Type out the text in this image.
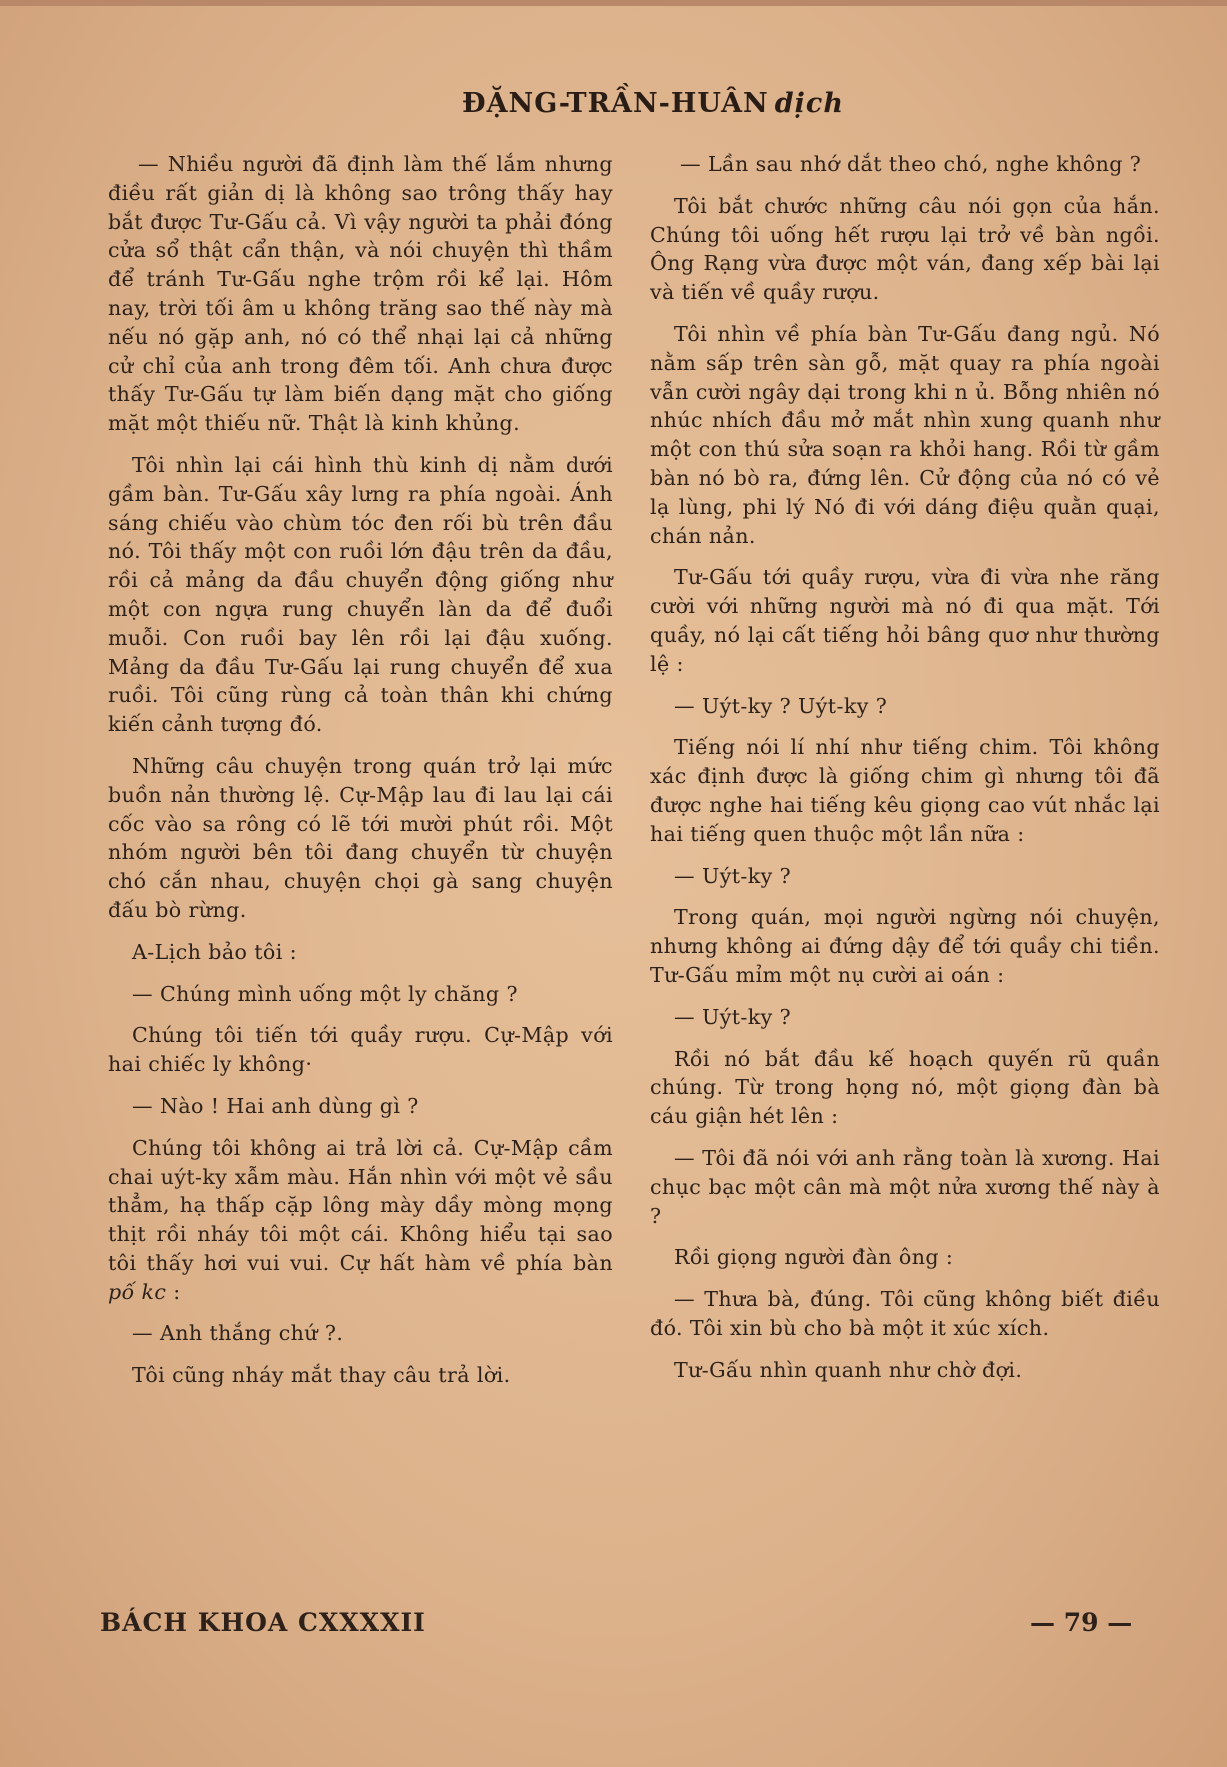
ĐẶNG-TRẦN-HUÂN dịch

— Nhiều người đã định làm thế lắm nhưng điều rất giản dị là không sao trông thấy hay bắt được Tư-Gấu cả. Vì vậy người ta phải đóng cửa sổ thật cẩn thận, và nói chuyện thì thầm để tránh Tư-Gấu nghe trộm rồi kể lại. Hôm nay, trời tối âm u không trăng sao thế này mà nếu nó gặp anh, nó có thể nhại lại cả những cử chỉ của anh trong đêm tối. Anh chưa được thấy Tư-Gấu tự làm biến dạng mặt cho giống mặt một thiếu nữ. Thật là kinh khủng.

Tôi nhìn lại cái hình thù kinh dị nằm dưới gầm bàn. Tư-Gấu xây lưng ra phía ngoài. Ánh sáng chiếu vào chùm tóc đen rối bù trên đầu nó. Tôi thấy một con ruồi lớn đậu trên da đầu, rồi cả mảng da đầu chuyển động giống như một con ngựa rung chuyển làn da để đuổi muỗi. Con ruồi bay lên rồi lại đậu xuống. Mảng da đầu Tư-Gấu lại rung chuyển để xua ruồi. Tôi cũng rùng cả toàn thân khi chứng kiến cảnh tượng đó.

Những câu chuyện trong quán trở lại mức buồn nản thường lệ. Cự-Mập lau đi lau lại cái cốc vào sa rông có lẽ tới mười phút rồi. Một nhóm người bên tôi đang chuyển từ chuyện chó cắn nhau, chuyện chọi gà sang chuyện đấu bò rừng.

A-Lịch bảo tôi :

— Chúng mình uống một ly chăng ?

Chúng tôi tiến tới quầy rượu. Cự-Mập với hai chiếc ly không·

— Nào ! Hai anh dùng gì ?

Chúng tôi không ai trả lời cả. Cự-Mập cầm chai uýt-ky xẫm màu. Hắn nhìn với một vẻ sầu thẳm, hạ thấp cặp lông mày dầy mòng mọng thịt rồi nháy tôi một cái. Không hiểu tại sao tôi thấy hơi vui vui. Cự hất hàm về phía bàn pố kc :

— Anh thắng chứ ?.

Tôi cũng nháy mắt thay câu trả lời.

— Lần sau nhớ dắt theo chó, nghe không ?

Tôi bắt chước những câu nói gọn của hắn. Chúng tôi uống hết rượu lại trở về bàn ngồi. Ông Rạng vừa được một ván, đang xếp bài lại và tiến về quầy rượu.

Tôi nhìn về phía bàn Tư-Gấu đang ngủ. Nó nằm sấp trên sàn gỗ, mặt quay ra phía ngoài vẫn cười ngây dại trong khi n ủ. Bỗng nhiên nó nhúc nhích đầu mở mắt nhìn xung quanh như một con thú sửa soạn ra khỏi hang. Rồi từ gầm bàn nó bò ra, đứng lên. Cử động của nó có vẻ lạ lùng, phi lý Nó đi với dáng điệu quằn quại, chán nản.

Tư-Gấu tới quầy rượu, vừa đi vừa nhe răng cười với những người mà nó đi qua mặt. Tới quầy, nó lại cất tiếng hỏi bâng quơ như thường lệ :

— Uýt-ky ? Uýt-ky ?

Tiếng nói lí nhí như tiếng chim. Tôi không xác định được là giống chim gì nhưng tôi đã được nghe hai tiếng kêu giọng cao vút nhắc lại hai tiếng quen thuộc một lần nữa :

— Uýt-ky ?

Trong quán, mọi người ngừng nói chuyện, nhưng không ai đứng dậy để tới quầy chi tiền. Tư-Gấu mỉm một nụ cười ai oán :

— Uýt-ky ?

Rồi nó bắt đầu kế hoạch quyến rũ quần chúng. Từ trong họng nó, một giọng đàn bà cáu giận hét lên :

— Tôi đã nói với anh rằng toàn là xương. Hai chục bạc một cân mà một nửa xương thế này à ?

Rồi giọng người đàn ông :

— Thưa bà, đúng. Tôi cũng không biết điều đó. Tôi xin bù cho bà một it xúc xích.

Tư-Gấu nhìn quanh như chờ đợi.

BÁCH KHOA CXXXXII	— 79 —
